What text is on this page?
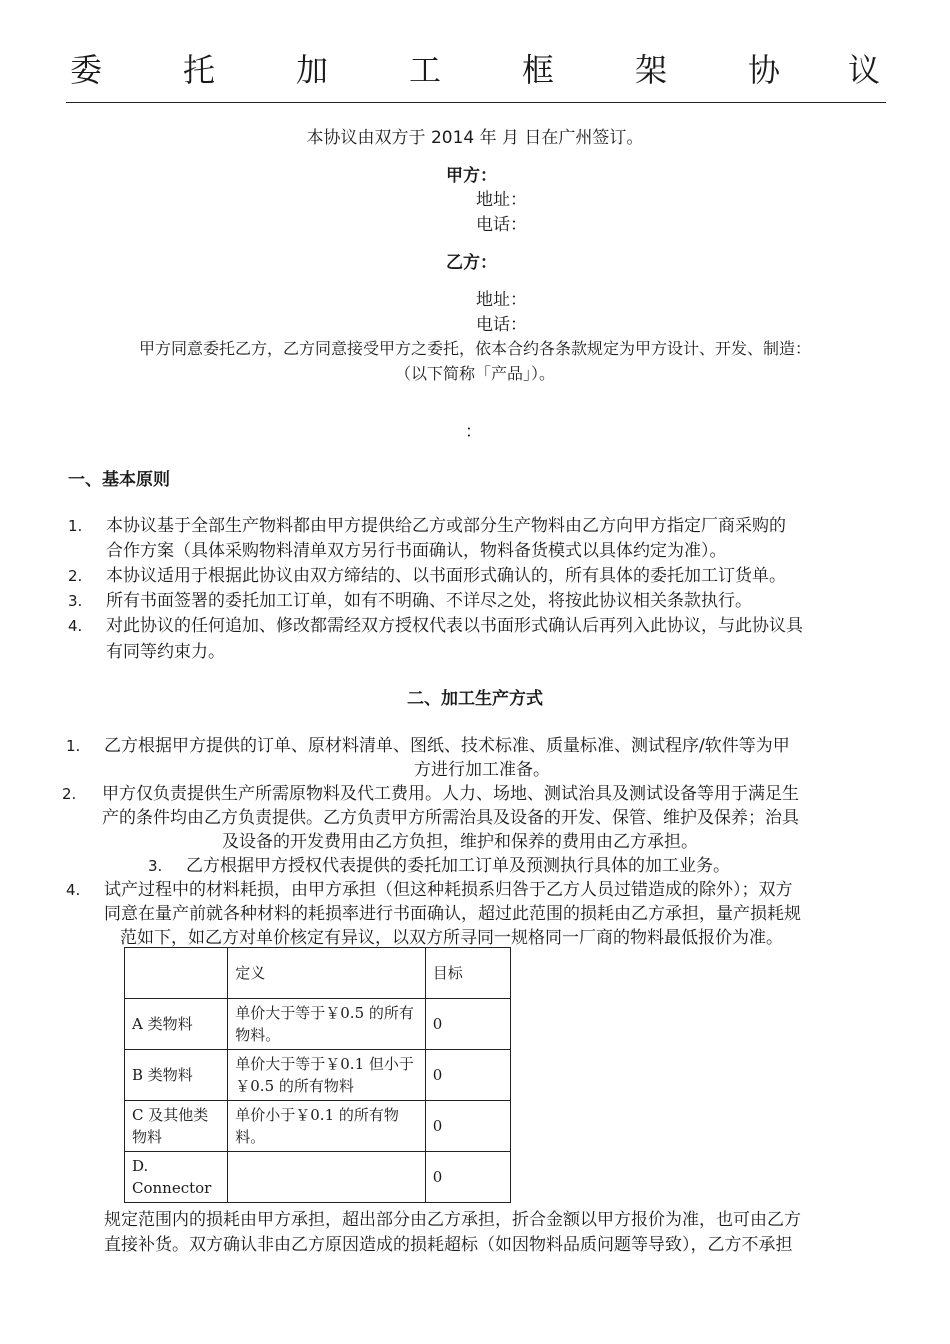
委	托	加	工	框	架	协 议
本协议由双方于 2014 年 月 日在广州签订。
甲方：
地址：
电话：
乙方：
地址：
电话：
甲方同意委托乙方，乙方同意接受甲方之委托，依本合约各条款规定为甲方设计、开发、制造：
（以下简称「产品」）。
：
一、基本原则
1. 本协议基于全部生产物料都由甲方提供给乙方或部分生产物料由乙方向甲方指定厂商采购的
合作方案（具体采购物料清单双方另行书面确认，物料备货模式以具体约定为准）。
2. 本协议适用于根据此协议由双方缔结的、以书面形式确认的，所有具体的委托加工订货单。
3. 所有书面签署的委托加工订单，如有不明确、不详尽之处，将按此协议相关条款执行。
4. 对此协议的任何追加、修改都需经双方授权代表以书面形式确认后再列入此协议，与此协议具
有同等约束力。
二、加工生产方式
1. 乙方根据甲方提供的订单、原材料清单、图纸、技术标准、质量标准、测试程序/软件等为甲
方进行加工准备。
2. 甲方仅负责提供生产所需原物料及代工费用。人力、场地、测试治具及测试设备等用于满足生
产的条件均由乙方负责提供。乙方负责甲方所需治具及设备的开发、保管、维护及保养；治具
及设备的开发费用由乙方负担，维护和保养的费用由乙方承担。
3. 乙方根据甲方授权代表提供的委托加工订单及预测执行具体的加工业务。
4. 试产过程中的材料耗损，由甲方承担（但这种耗损系归咎于乙方人员过错造成的除外）；双方
同意在量产前就各种材料的耗损率进行书面确认，超过此范围的损耗由乙方承担，量产损耗规
范如下，如乙方对单价核定有异议，以双方所寻同一规格同一厂商的物料最低报价为准。
	定义	目标
A 类物料	单价大于等于￥0.5 的所有物料。	0
B 类物料	单价大于等于￥0.1 但小于￥0.5 的所有物料	0
C 及其他类物料	单价小于￥0.1 的所有物料。	0
D. Connector		0
规定范围内的损耗由甲方承担，超出部分由乙方承担，折合金额以甲方报价为准，也可由乙方
直接补货。双方确认非由乙方原因造成的损耗超标（如因物料品质问题等导致），乙方不承担
